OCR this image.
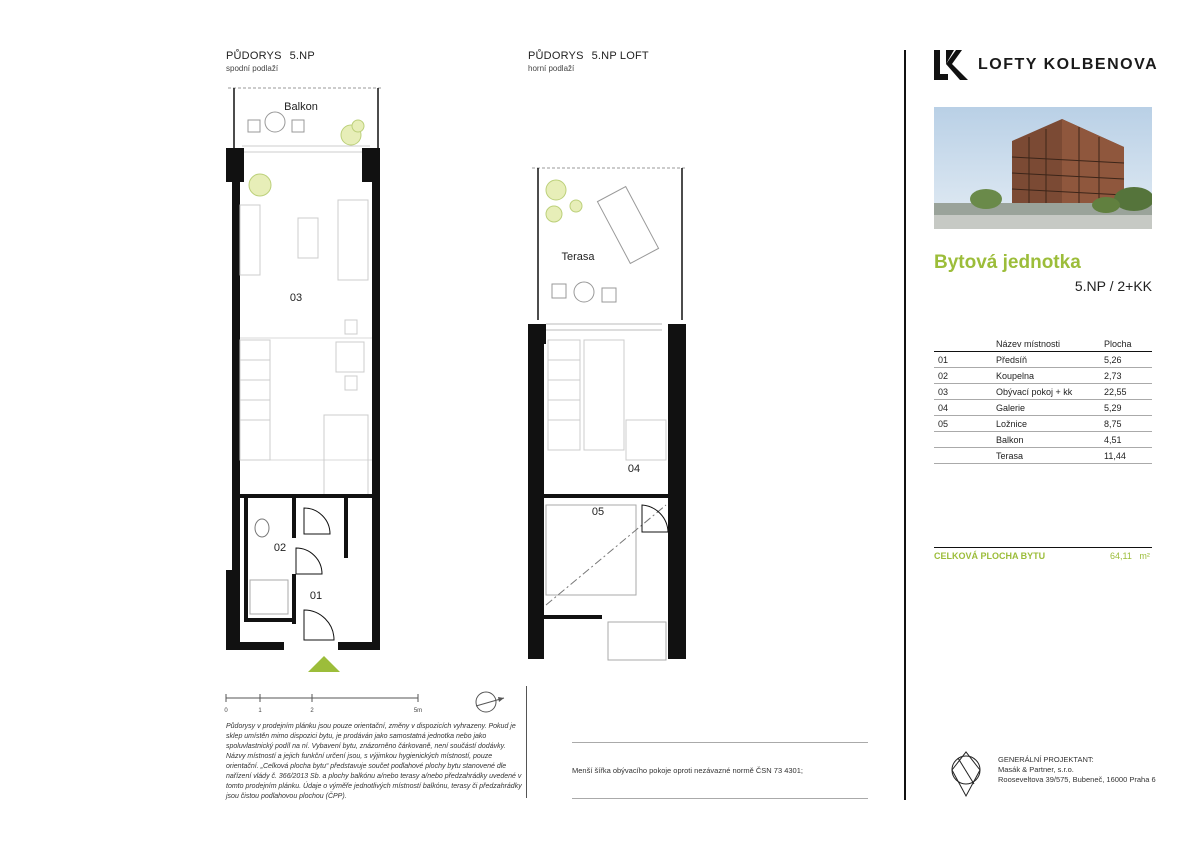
PŮDORYS 5.NP
spodní podlaží
Balkon
03
02
01
PŮDORYS 5.NP LOFT
horní podlaží
Terasa
04
05
0	1	2	5m
Půdorysy v prodejním plánku jsou pouze orientační, změny v dispozicích vyhrazeny. Pokud je sklep umístěn mimo dispozici bytu, je prodáván jako samostatná jednotka nebo jako spoluvlastnický podíl na ní. Vybavení bytu, znázorněno čárkovaně, není součástí dodávky. Názvy místností a jejich funkční určení jsou, s výjimkou hygienických místností, pouze orientační. „Celková plocha bytu“ představuje součet podlahové plochy bytu stanovené dle nařízení vlády č. 366/2013 Sb. a plochy balkónu a/nebo terasy a/nebo předzahrádky uvedené v tomto prodejním plánku. Údaje o výměře jednotlivých místností balkónu, terasy či předzahrádky jsou čistou podlahovou plochou (ČPP).
Menší šířka obývacího pokoje oproti nezávazné normě ČSN 73 4301;
LOFTY KOLBENOVA
Bytová jednotka
5.NP / 2+KK
	Název místnosti	Plocha
01	Předsíň	5,26
02	Koupelna	2,73
03	Obývací pokoj + kk	22,55
04	Galerie	5,29
05	Ložnice	8,75
	Balkon	4,51
	Terasa	11,44
CELKOVÁ PLOCHA BYTU	64,11 m²
GENERÁLNÍ PROJEKTANT:
Masák & Partner, s.r.o.
Rooseveltova 39/575, Bubeneč, 16000 Praha 6
